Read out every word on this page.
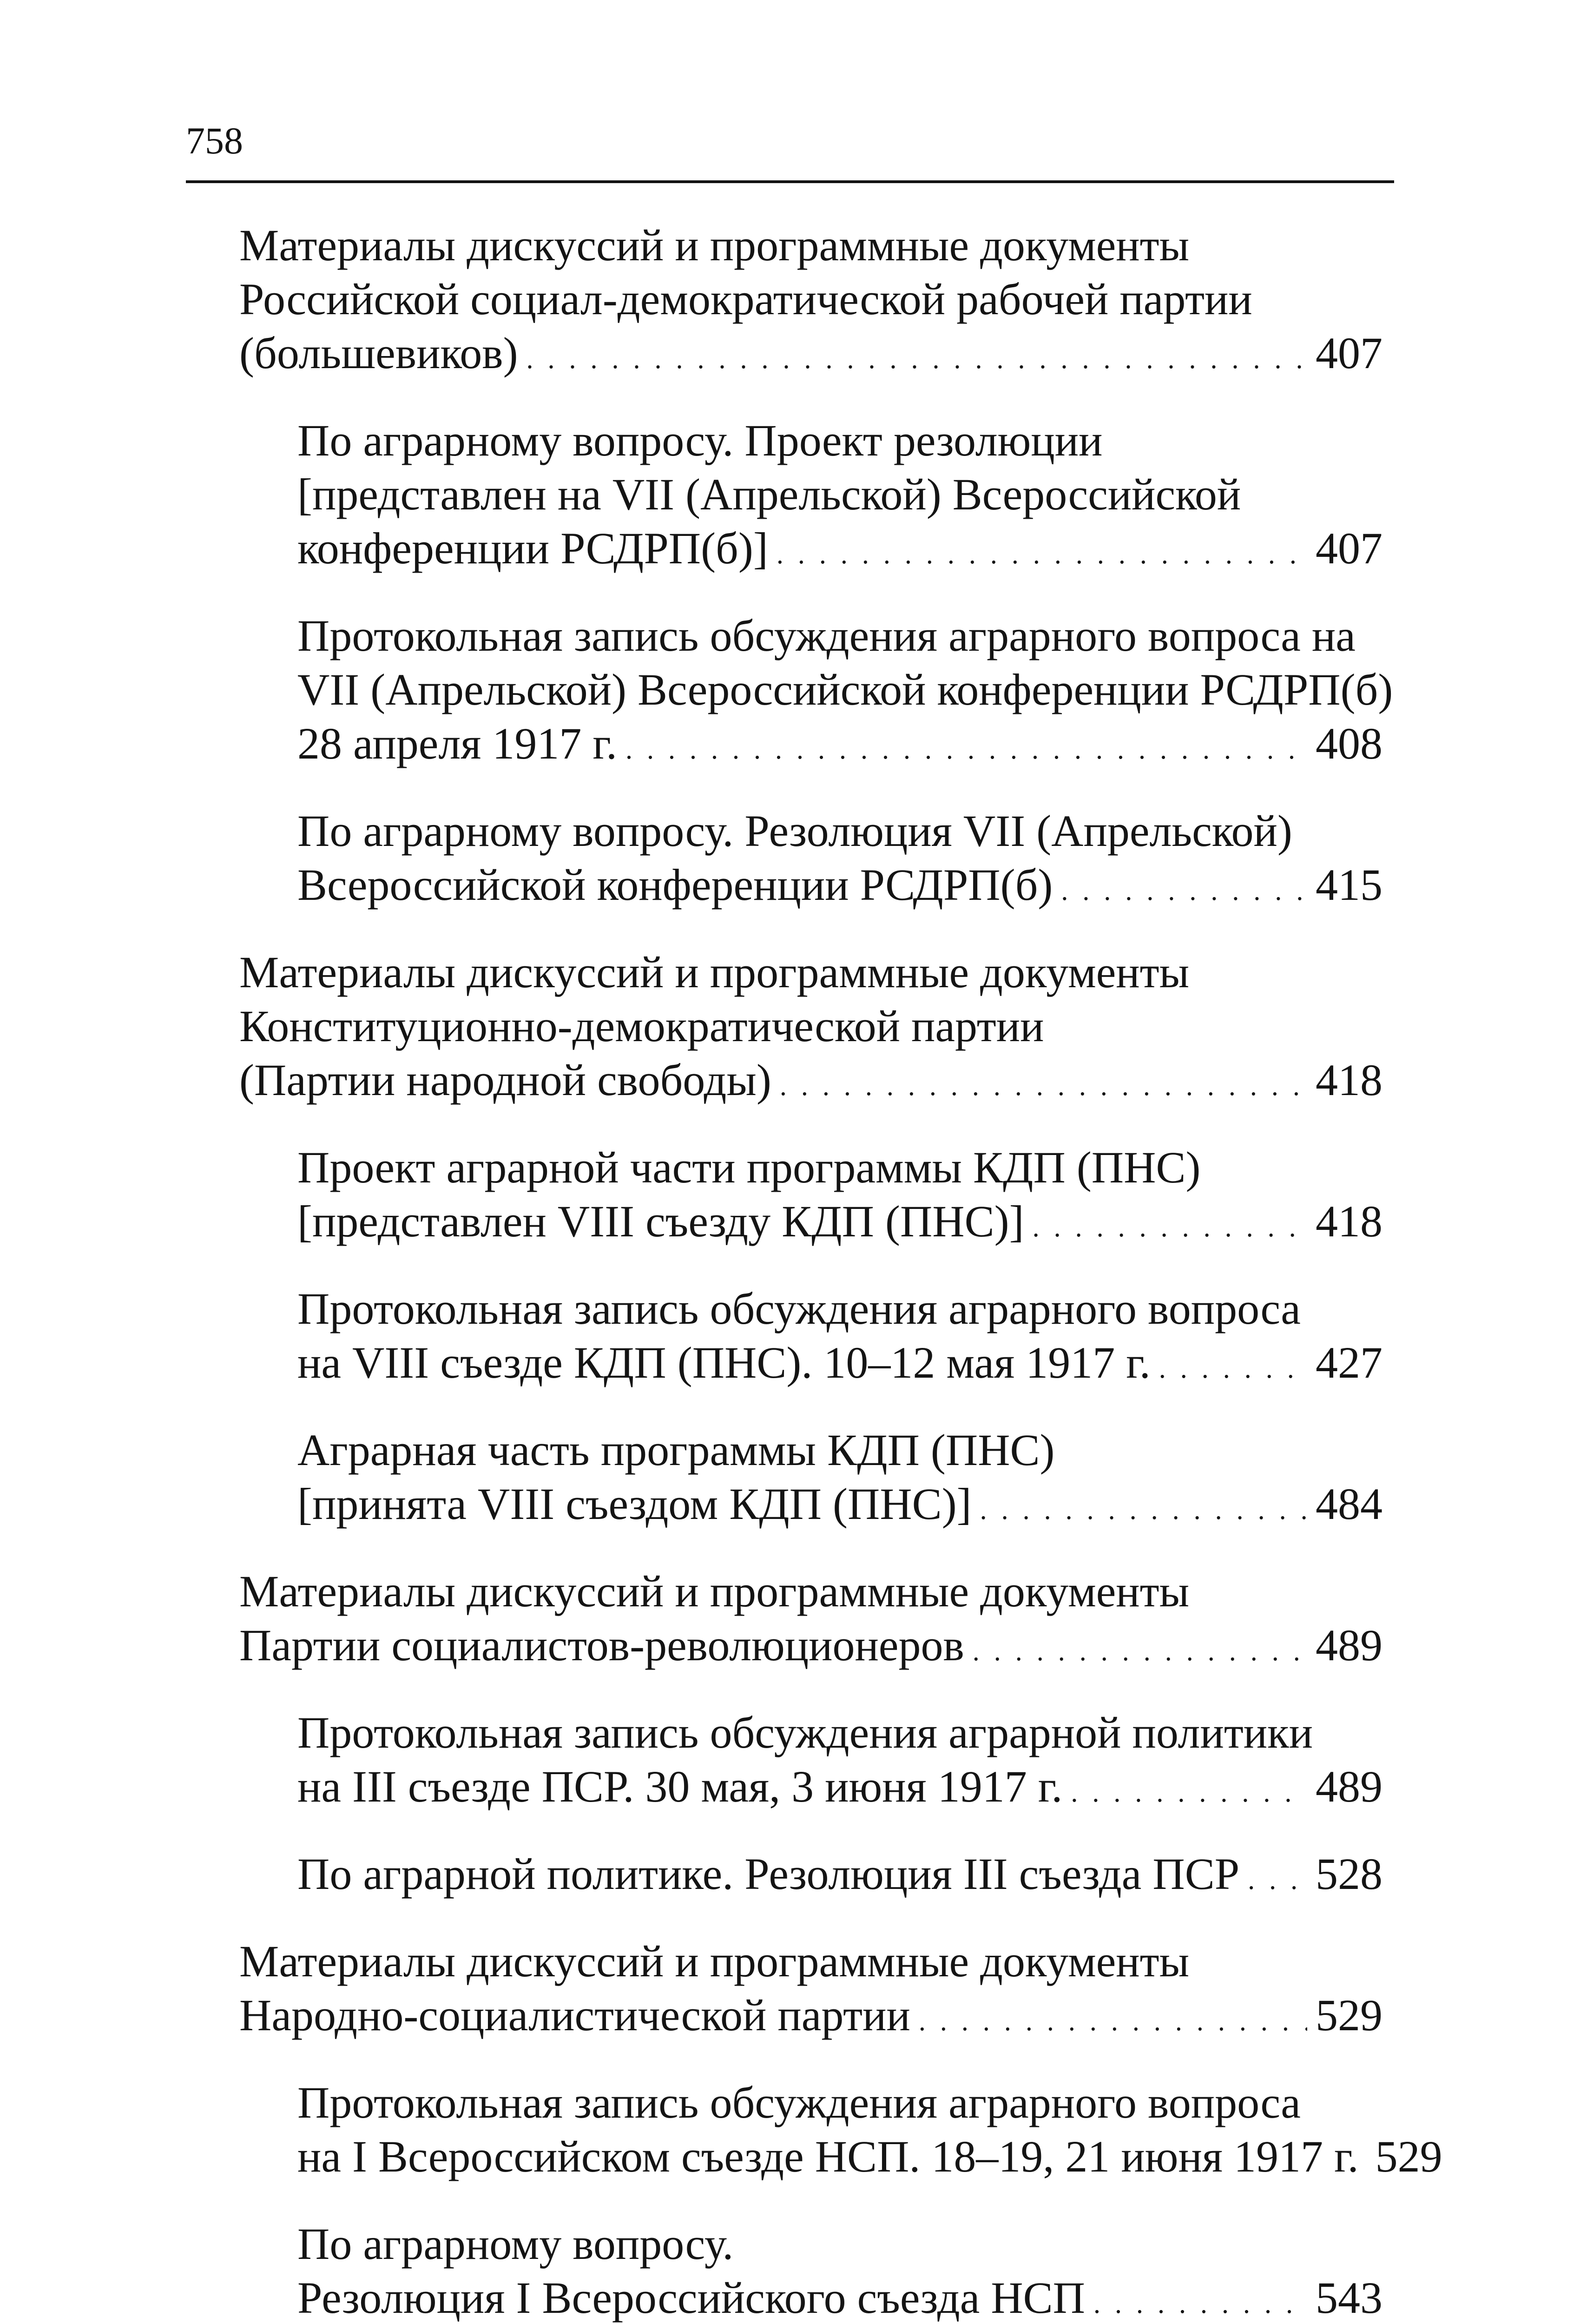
758
Материалы дискуссий и программные документы
Российской социал-демократической рабочей партии
(большевиков) . . .	407
По аграрному вопросу. Проект резолюции
[представлен на VII (Апрельской) Всероссийской
конференции РСДРП(б)] . . .	407
Протокольная запись обсуждения аграрного вопроса на
VII (Апрельской) Всероссийской конференции РСДРП(б)
28 апреля 1917 г. . . .	408
По аграрному вопросу. Резолюция VII (Апрельской)
Всероссийской конференции РСДРП(б) . . .	415
Материалы дискуссий и программные документы
Конституционно-демократической партии
(Партии народной свободы) . . .	418
Проект аграрной части программы КДП (ПНС)
[представлен VIII съезду КДП (ПНС)] . . .	418
Протокольная запись обсуждения аграрного вопроса
на VIII съезде КДП (ПНС). 10–12 мая 1917 г. . . .	427
Аграрная часть программы КДП (ПНС)
[принята VIII съездом КДП (ПНС)] . . .	484
Материалы дискуссий и программные документы
Партии социалистов-революционеров . . .	489
Протокольная запись обсуждения аграрной политики
на III съезде ПСР. 30 мая, 3 июня 1917 г. . . .	489
По аграрной политике. Резолюция III съезда ПСР . . . 528
Материалы дискуссий и программные документы
Народно-социалистической партии . . .	529
Протокольная запись обсуждения аграрного вопроса
на I Всероссийском съезде НСП. 18–19, 21 июня 1917 г. 529
По аграрному вопросу.
Резолюция I Всероссийского съезда НСП . . .	543
